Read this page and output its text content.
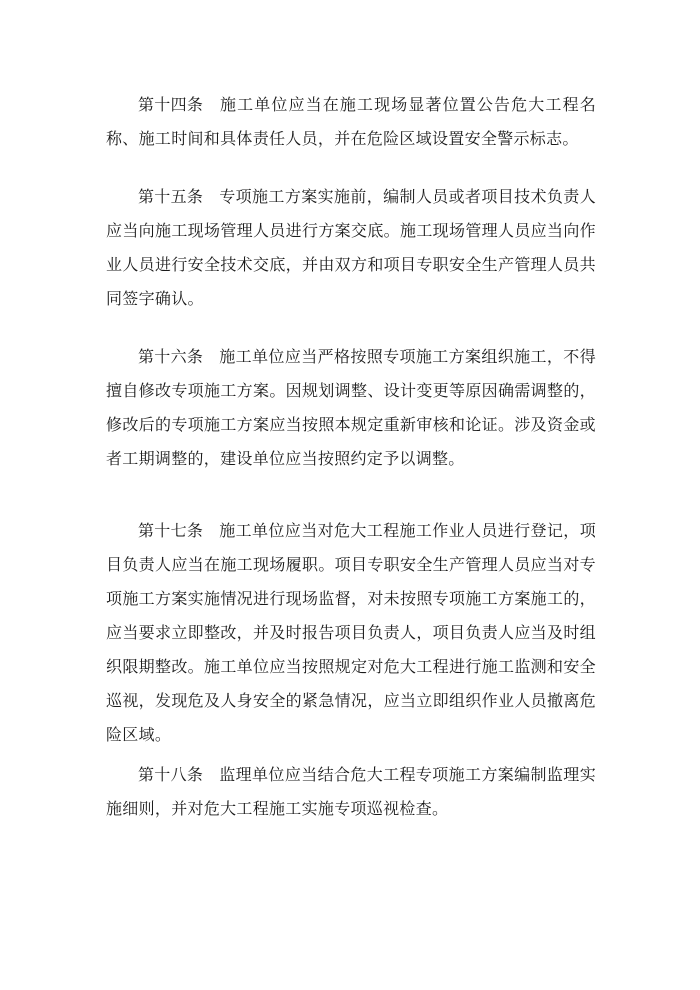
第十四条 施工单位应当在施工现场显著位置公告危大工程名称、施工时间和具体责任人员，并在危险区域设置安全警示标志。

第十五条 专项施工方案实施前，编制人员或者项目技术负责人应当向施工现场管理人员进行方案交底。施工现场管理人员应当向作业人员进行安全技术交底，并由双方和项目专职安全生产管理人员共同签字确认。

第十六条 施工单位应当严格按照专项施工方案组织施工，不得擅自修改专项施工方案。因规划调整、设计变更等原因确需调整的，修改后的专项施工方案应当按照本规定重新审核和论证。涉及资金或者工期调整的，建设单位应当按照约定予以调整。

第十七条 施工单位应当对危大工程施工作业人员进行登记，项目负责人应当在施工现场履职。项目专职安全生产管理人员应当对专项施工方案实施情况进行现场监督，对未按照专项施工方案施工的，应当要求立即整改，并及时报告项目负责人，项目负责人应当及时组织限期整改。施工单位应当按照规定对危大工程进行施工监测和安全巡视，发现危及人身安全的紧急情况，应当立即组织作业人员撤离危险区域。

第十八条 监理单位应当结合危大工程专项施工方案编制监理实施细则，并对危大工程施工实施专项巡视检查。
